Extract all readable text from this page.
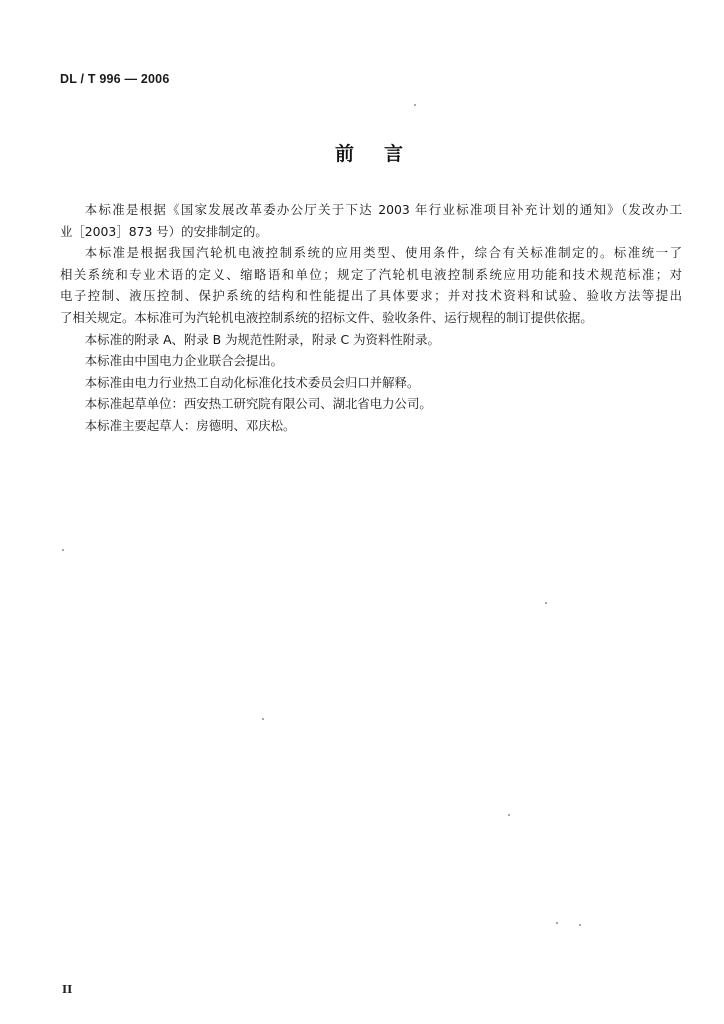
DL / T 996 — 2006
前言
本标准是根据《国家发展改革委办公厅关于下达 2003 年行业标准项目补充计划的通知》（发改办工
业［2003］873 号）的安排制定的。
本标准是根据我国汽轮机电液控制系统的应用类型、使用条件，综合有关标准制定的。标准统一了
相关系统和专业术语的定义、缩略语和单位；规定了汽轮机电液控制系统应用功能和技术规范标准；对
电子控制、液压控制、保护系统的结构和性能提出了具体要求；并对技术资料和试验、验收方法等提出
了相关规定。本标准可为汽轮机电液控制系统的招标文件、验收条件、运行规程的制订提供依据。
本标准的附录 A、附录 B 为规范性附录，附录 C 为资料性附录。
本标准由中国电力企业联合会提出。
本标准由电力行业热工自动化标准化技术委员会归口并解释。
本标准起草单位：西安热工研究院有限公司、湖北省电力公司。
本标准主要起草人：房德明、邓庆松。
II
